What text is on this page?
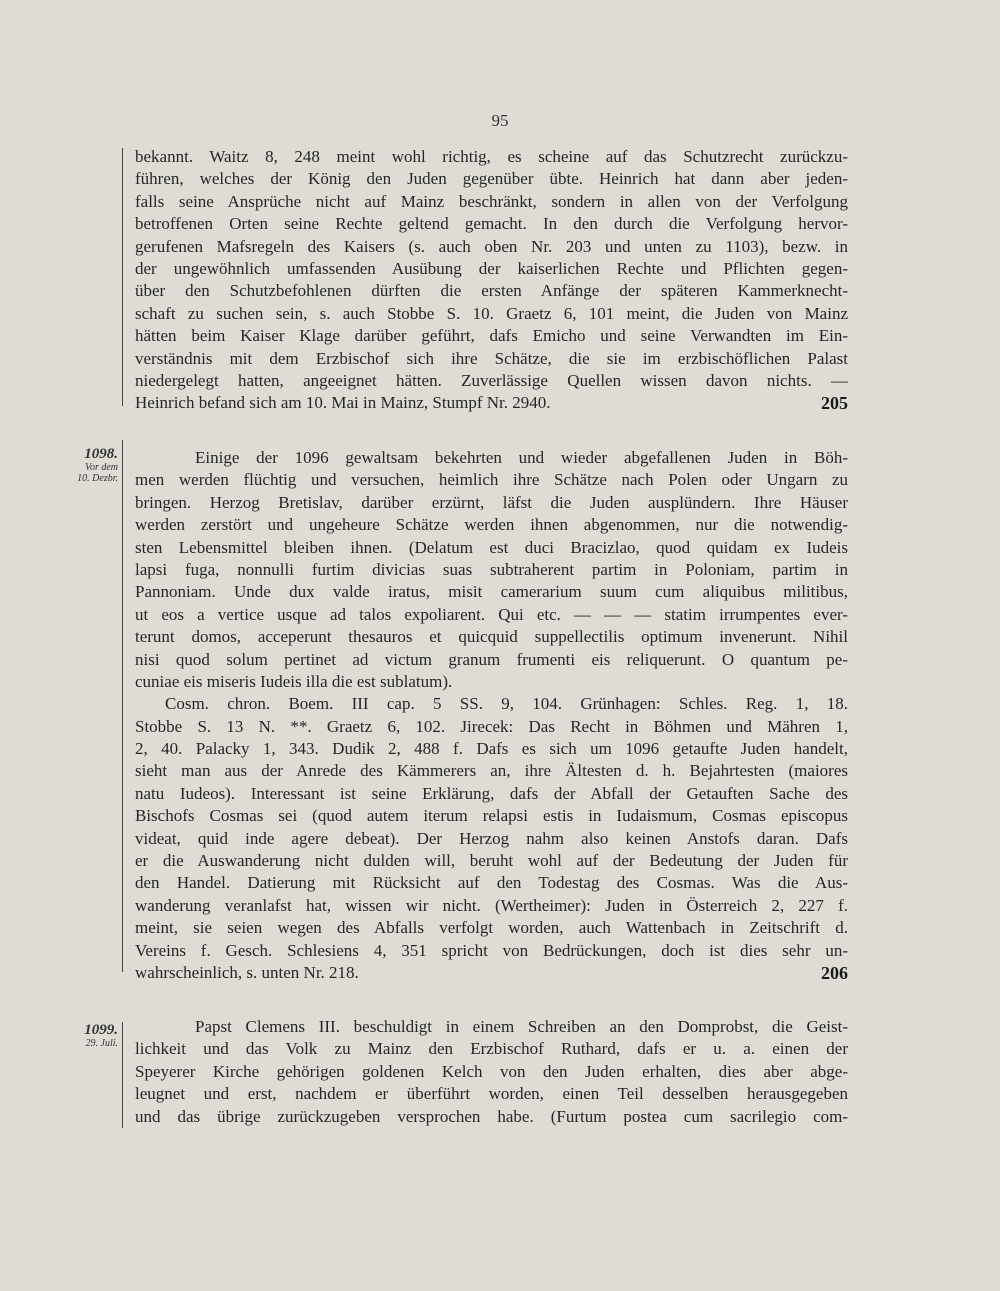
95
bekannt. Waitz 8, 248 meint wohl richtig, es scheine auf das Schutzrecht zurückzu-
führen, welches der König den Juden gegenüber übte. Heinrich hat dann aber jeden-
falls seine Ansprüche nicht auf Mainz beschränkt, sondern in allen von der Verfolgung
betroffenen Orten seine Rechte geltend gemacht. In den durch die Verfolgung hervor-
gerufenen Mafsregeln des Kaisers (s. auch oben Nr. 203 und unten zu 1103), bezw. in
der ungewöhnlich umfassenden Ausübung der kaiserlichen Rechte und Pflichten gegen-
über den Schutzbefohlenen dürften die ersten Anfänge der späteren Kammerknecht-
schaft zu suchen sein, s. auch Stobbe S. 10. Graetz 6, 101 meint, die Juden von Mainz
hätten beim Kaiser Klage darüber geführt, dafs Emicho und seine Verwandten im Ein-
verständnis mit dem Erzbischof sich ihre Schätze, die sie im erzbischöflichen Palast
niedergelegt hatten, angeeignet hätten. Zuverlässige Quellen wissen davon nichts. —
Heinrich befand sich am 10. Mai in Mainz, Stumpf Nr. 2940.	205
1098.
Vor dem
10. Dezbr.
Einige der 1096 gewaltsam bekehrten und wieder abgefallenen Juden in Böh-
men werden flüchtig und versuchen, heimlich ihre Schätze nach Polen oder Ungarn zu
bringen. Herzog Bretislav, darüber erzürnt, läfst die Juden ausplündern. Ihre Häuser
werden zerstört und ungeheure Schätze werden ihnen abgenommen, nur die notwendig-
sten Lebensmittel bleiben ihnen. (Delatum est duci Bracizlao, quod quidam ex Iudeis
lapsi fuga, nonnulli furtim divicias suas subtraherent partim in Poloniam, partim in
Pannoniam. Unde dux valde iratus, misit camerarium suum cum aliquibus militibus,
ut eos a vertice usque ad talos expoliarent. Qui etc. — — — statim irrumpentes ever-
terunt domos, acceperunt thesauros et quicquid suppellectilis optimum invenerunt. Nihil
nisi quod solum pertinet ad victum granum frumenti eis reliquerunt. O quantum pe-
cuniae eis miseris Iudeis illa die est sublatum).
Cosm. chron. Boem. III cap. 5 SS. 9, 104. Grünhagen: Schles. Reg. 1, 18.
Stobbe S. 13 N. **. Graetz 6, 102. Jirecek: Das Recht in Böhmen und Mähren 1,
2, 40. Palacky 1, 343. Dudik 2, 488 f. Dafs es sich um 1096 getaufte Juden handelt,
sieht man aus der Anrede des Kämmerers an, ihre Ältesten d. h. Bejahrtesten (maiores
natu Iudeos). Interessant ist seine Erklärung, dafs der Abfall der Getauften Sache des
Bischofs Cosmas sei (quod autem iterum relapsi estis in Iudaismum, Cosmas episcopus
videat, quid inde agere debeat). Der Herzog nahm also keinen Anstofs daran. Dafs
er die Auswanderung nicht dulden will, beruht wohl auf der Bedeutung der Juden für
den Handel. Datierung mit Rücksicht auf den Todestag des Cosmas. Was die Aus-
wanderung veranlafst hat, wissen wir nicht. (Wertheimer): Juden in Österreich 2, 227 f.
meint, sie seien wegen des Abfalls verfolgt worden, auch Wattenbach in Zeitschrift d.
Vereins f. Gesch. Schlesiens 4, 351 spricht von Bedrückungen, doch ist dies sehr un-
wahrscheinlich, s. unten Nr. 218.	206
1099.
29. Juli.
Papst Clemens III. beschuldigt in einem Schreiben an den Domprobst, die Geist-
lichkeit und das Volk zu Mainz den Erzbischof Ruthard, dafs er u. a. einen der
Speyerer Kirche gehörigen goldenen Kelch von den Juden erhalten, dies aber abge-
leugnet und erst, nachdem er überführt worden, einen Teil desselben herausgegeben
und das übrige zurückzugeben versprochen habe. (Furtum postea cum sacrilegio com-
